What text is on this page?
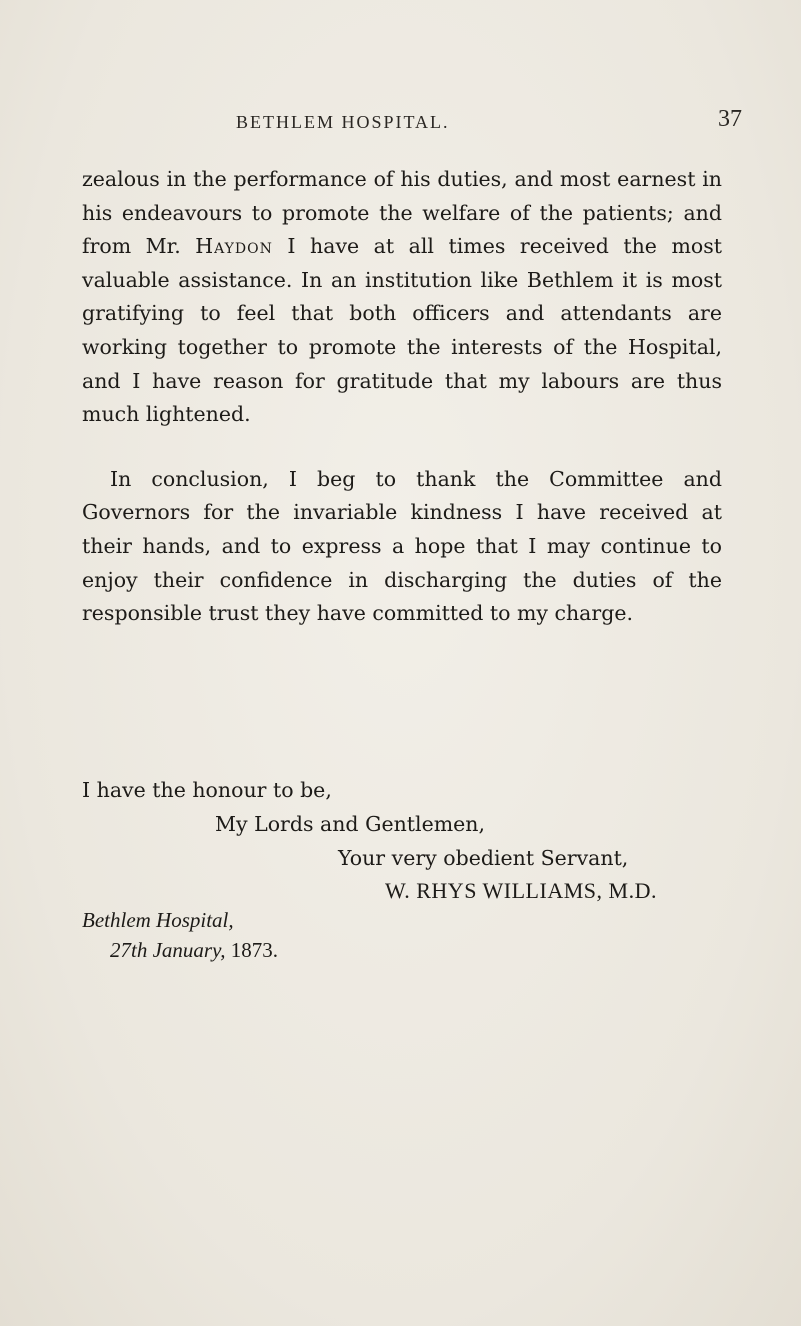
BETHLEM HOSPITAL.	37

zealous in the performance of his duties, and most earnest in his endeavours to promote the welfare of the patients; and from Mr. Haydon I have at all times received the most valuable assistance. In an institution like Bethlem it is most gratifying to feel that both officers and attendants are working together to promote the interests of the Hospital, and I have reason for gratitude that my labours are thus much lightened.

In conclusion, I beg to thank the Committee and Governors for the invariable kindness I have received at their hands, and to express a hope that I may continue to enjoy their confidence in discharging the duties of the responsible trust they have committed to my charge.

I have the honour to be,
My Lords and Gentlemen,
Your very obedient Servant,
W. RHYS WILLIAMS, M.D.
Bethlem Hospital,
27th January, 1873.
